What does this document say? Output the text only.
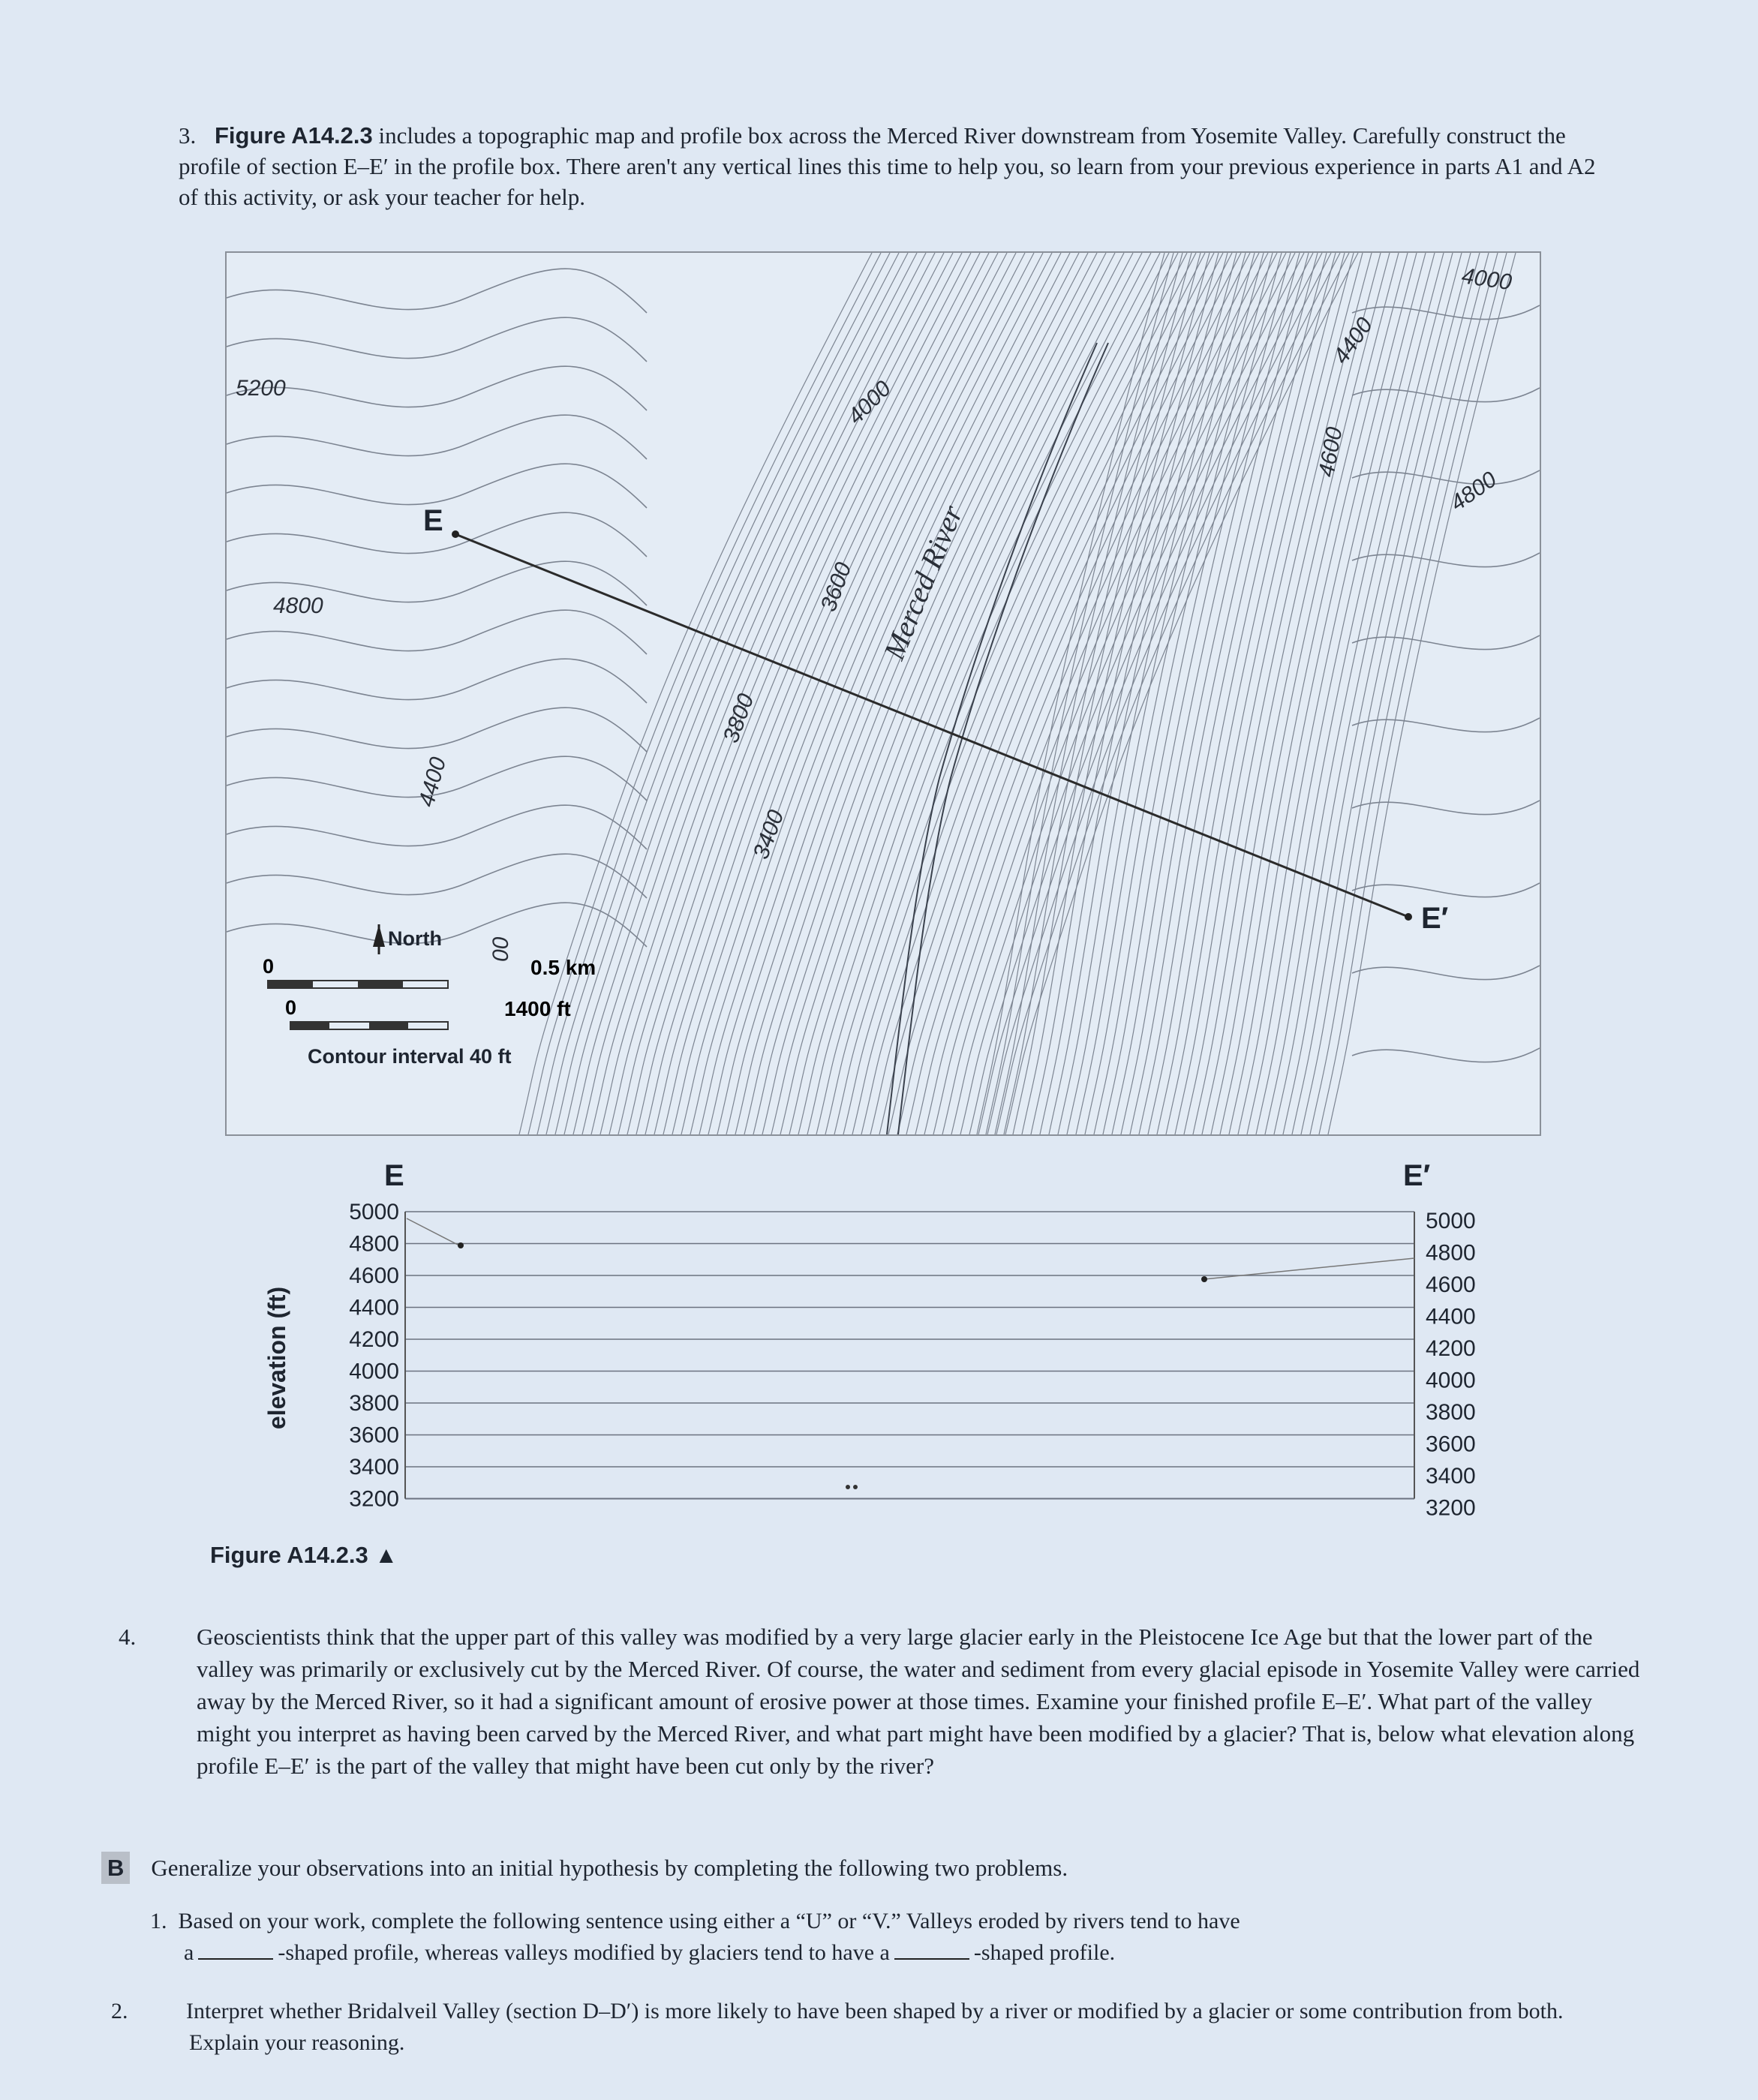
3. Figure A14.2.3 includes a topographic map and profile box across the Merced River downstream from Yosemite Valley. Carefully construct the profile of section E–E′ in the profile box. There aren't any vertical lines this time to help you, so learn from your previous experience in parts A1 and A2 of this activity, or ask your teacher for help.
5200
4800
4400
00
3800
3400
3600
4000
Merced River
4600
4400
4000
4800
E
E′
North
0	0.5 km
0	1400 ft
Contour interval 40 ft
E	E′
elevation (ft)
5000	5000
4800	4800
4600	4600
4400	4400
4200	4200
4000	4000
3800	3800
3600	3600
3400	3400
3200	3200
Figure A14.2.3 ▲
4.	Geoscientists think that the upper part of this valley was modified by a very large glacier early in the Pleistocene Ice Age but that the lower part of the valley was primarily or exclusively cut by the Merced River. Of course, the water and sediment from every glacial episode in Yosemite Valley were carried away by the Merced River, so it had a significant amount of erosive power at those times. Examine your finished profile E–E′. What part of the valley might you interpret as having been carved by the Merced River, and what part might have been modified by a glacier? That is, below what elevation along profile E–E′ is the part of the valley that might have been cut only by the river?
B Generalize your observations into an initial hypothesis by completing the following two problems.
1. Based on your work, complete the following sentence using either a “U” or “V.” Valleys eroded by rivers tend to have
a	-shaped profile, whereas valleys modified by glaciers tend to have a	-shaped profile.
2.	Interpret whether Bridalveil Valley (section D–D′) is more likely to have been shaped by a river or modified by a glacier or some contribution from both. Explain your reasoning.
